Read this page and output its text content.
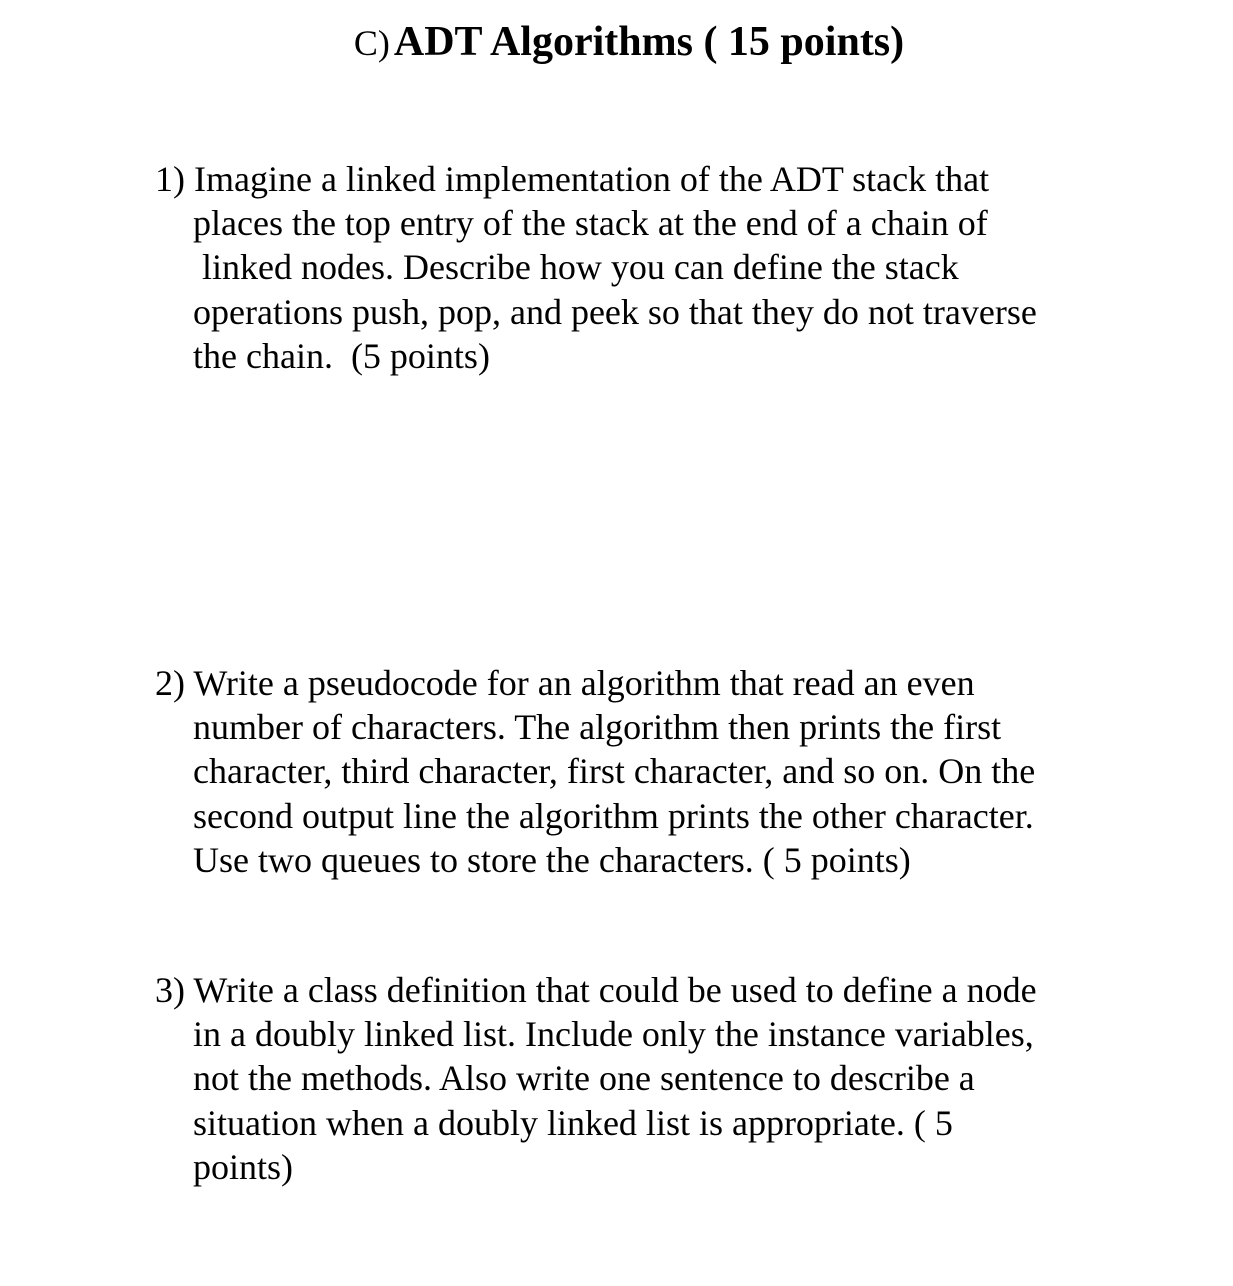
C) ADT Algorithms ( 15 points)
1) Imagine a linked implementation of the ADT stack that
places the top entry of the stack at the end of a chain of
linked nodes. Describe how you can define the stack
operations push, pop, and peek so that they do not traverse
the chain.  (5 points)
2) Write a pseudocode for an algorithm that read an even
number of characters. The algorithm then prints the first
character, third character, first character, and so on. On the
second output line the algorithm prints the other character.
Use two queues to store the characters. ( 5 points)
3) Write a class definition that could be used to define a node
in a doubly linked list. Include only the instance variables,
not the methods. Also write one sentence to describe a
situation when a doubly linked list is appropriate. ( 5
points)
